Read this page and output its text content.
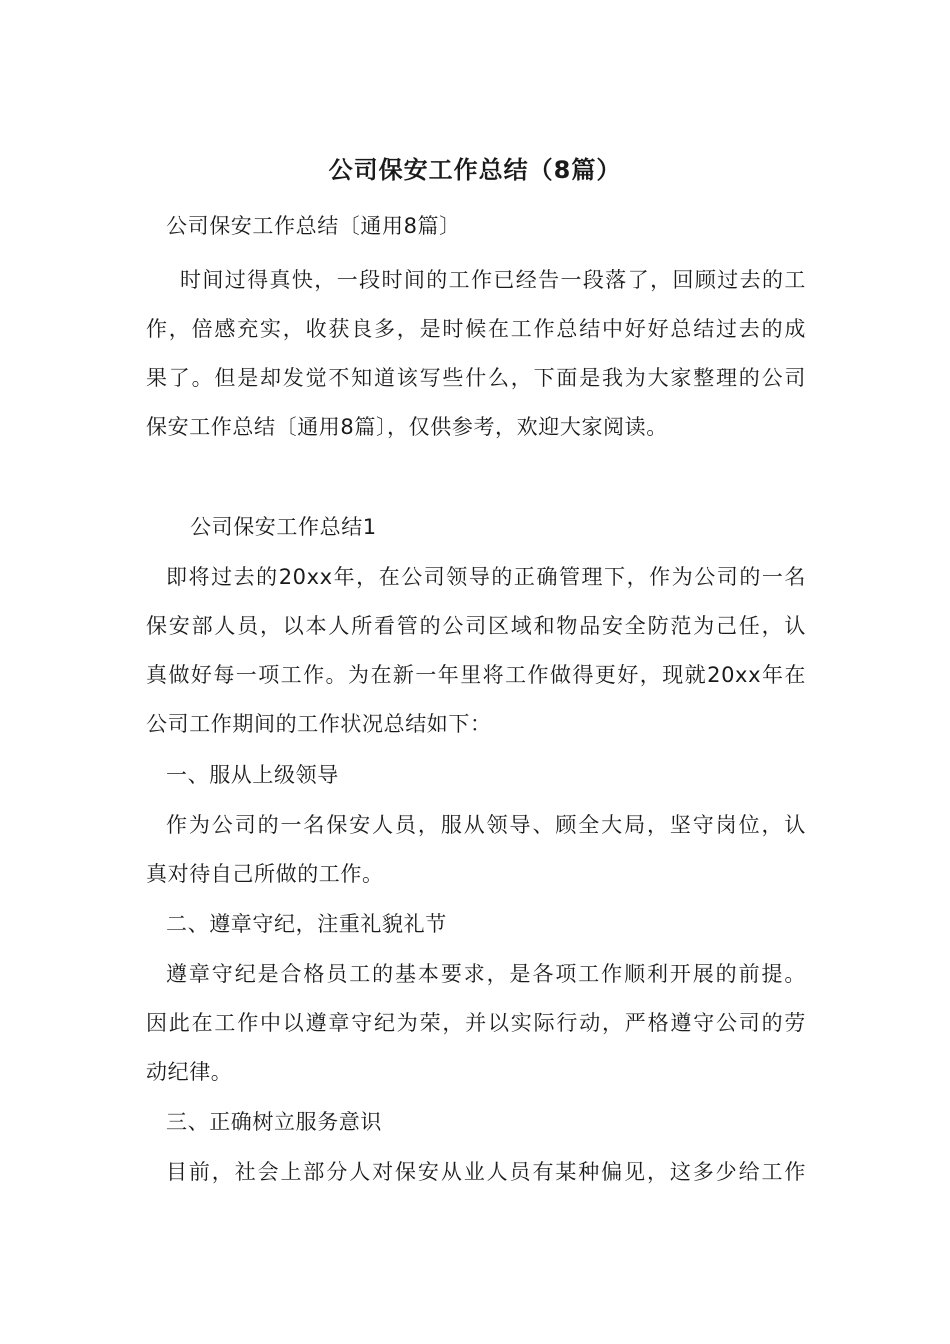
公司保安工作总结（8篇）
公司保安工作总结〔通用8篇〕
时间过得真快，一段时间的工作已经告一段落了，回顾过去的工
作，倍感充实，收获良多，是时候在工作总结中好好总结过去的成
果了。但是却发觉不知道该写些什么，下面是我为大家整理的公司
保安工作总结〔通用8篇〕，仅供参考，欢迎大家阅读。
公司保安工作总结1
即将过去的20xx年，在公司领导的正确管理下，作为公司的一名
保安部人员，以本人所看管的公司区域和物品安全防范为己任，认
真做好每一项工作。为在新一年里将工作做得更好，现就20xx年在
公司工作期间的工作状况总结如下：
一、服从上级领导
作为公司的一名保安人员，服从领导、顾全大局，坚守岗位，认
真对待自己所做的工作。
二、遵章守纪，注重礼貌礼节
遵章守纪是合格员工的基本要求，是各项工作顺利开展的前提。
因此在工作中以遵章守纪为荣，并以实际行动，严格遵守公司的劳
动纪律。
三、正确树立服务意识
目前，社会上部分人对保安从业人员有某种偏见，这多少给工作
